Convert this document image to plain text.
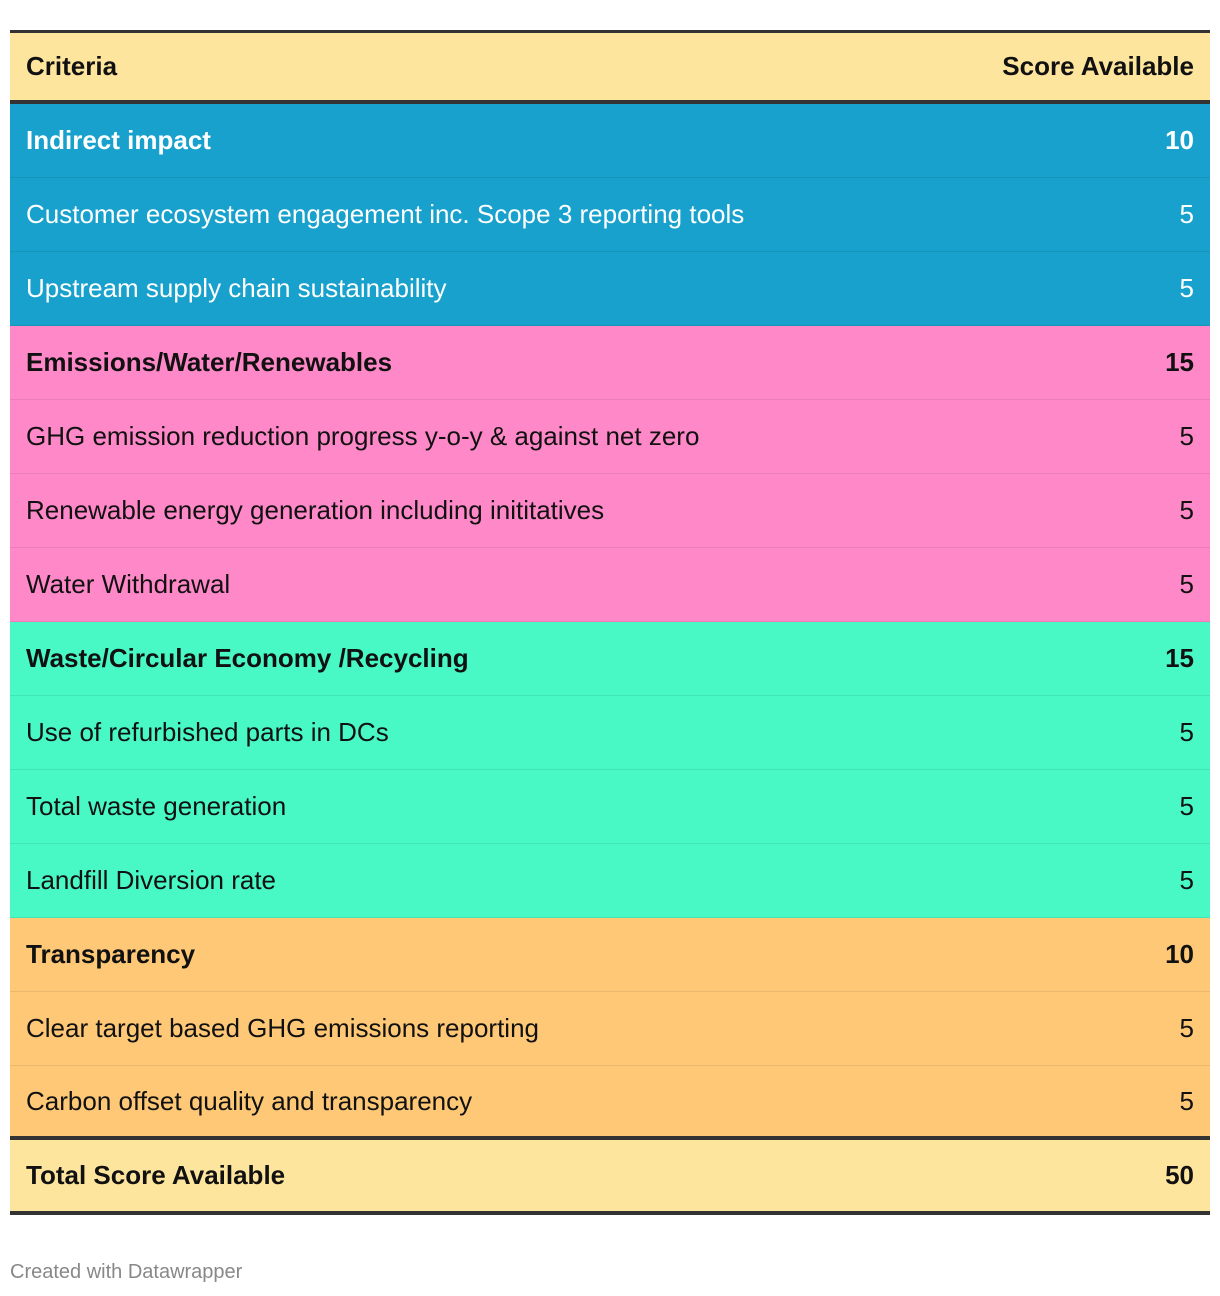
Criteria	Score Available
Indirect impact	10
Customer ecosystem engagement inc. Scope 3 reporting tools	5
Upstream supply chain sustainability	5
Emissions/Water/Renewables	15
GHG emission reduction progress y-o-y & against net zero	5
Renewable energy generation including inititatives	5
Water Withdrawal	5
Waste/Circular Economy /Recycling	15
Use of refurbished parts in DCs	5
Total waste generation	5
Landfill Diversion rate	5
Transparency	10
Clear target based GHG emissions reporting	5
Carbon offset quality and transparency	5
Total Score Available	50
Created with Datawrapper
